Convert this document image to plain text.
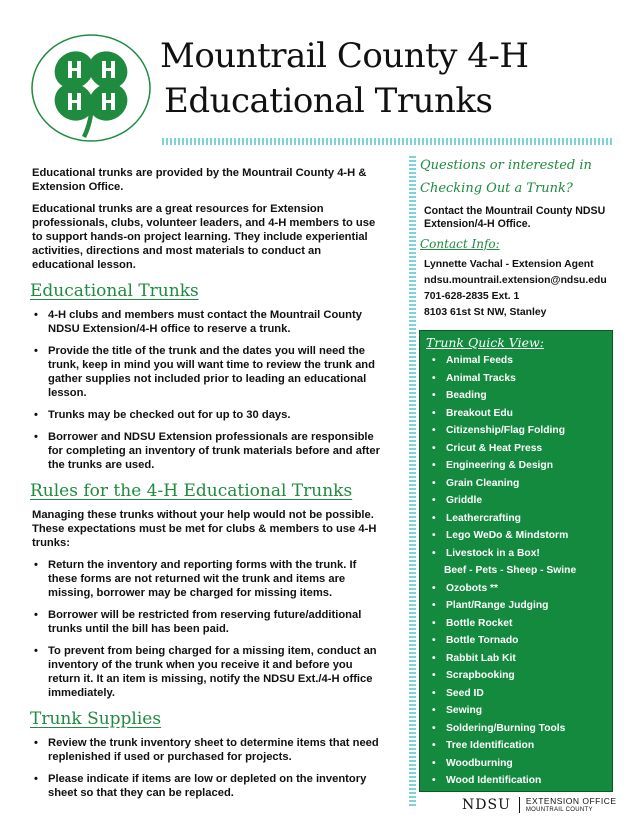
Mountrail County 4-H
Educational Trunks

Educational trunks are provided by the Mountrail County 4-H & Extension Office.

Educational trunks are a great resources for Extension professionals, clubs, volunteer leaders, and 4-H members to use to support hands-on project learning. They include experiential activities, directions and most materials to conduct an educational lesson.

Educational Trunks
• 4-H clubs and members must contact the Mountrail County NDSU Extension/4-H office to reserve a trunk.
• Provide the title of the trunk and the dates you will need the trunk, keep in mind you will want time to review the trunk and gather supplies not included prior to leading an educational lesson.
• Trunks may be checked out for up to 30 days.
• Borrower and NDSU Extension professionals are responsible for completing an inventory of trunk materials before and after the trunks are used.
Rules for the 4-H Educational Trunks

Managing these trunks without your help would not be possible. These expectations must be met for clubs & members to use 4-H trunks:

• Return the inventory and reporting forms with the trunk. If these forms are not returned wit the trunk and items are missing, borrower may be charged for missing items.
• Borrower will be restricted from reserving future/additional trunks until the bill has been paid.
• To prevent from being charged for a missing item, conduct an inventory of the trunk when you receive it and before you return it. It an item is missing, notify the NDSU Ext./4-H office immediately.
Trunk Supplies
• Review the trunk inventory sheet to determine items that need replenished if used or purchased for projects.
• Please indicate if items are low or depleted on the inventory sheet so that they can be replaced.
Questions or interested in
Checking Out a Trunk?
Contact the Mountrail County NDSU Extension/4-H Office.
Contact Info:
Lynnette Vachal - Extension Agent
ndsu.mountrail.extension@ndsu.edu
701-628-2835 Ext. 1
8103 61st St NW, Stanley
Trunk Quick View:
• Animal Feeds
• Animal Tracks
• Beading
• Breakout Edu
• Citizenship/Flag Folding
• Cricut & Heat Press
• Engineering & Design
• Grain Cleaning
• Griddle
• Leathercrafting
• Lego WeDo & Mindstorm
• Livestock in a Box!
Beef - Pets - Sheep - Swine
• Ozobots **
• Plant/Range Judging
• Bottle Rocket
• Bottle Tornado
• Rabbit Lab Kit
• Scrapbooking
• Seed ID
• Sewing
• Soldering/Burning Tools
• Tree Identification
• Woodburning
• Wood Identification
NDSU	EXTENSION OFFICE
MOUNTRAIL COUNTY
